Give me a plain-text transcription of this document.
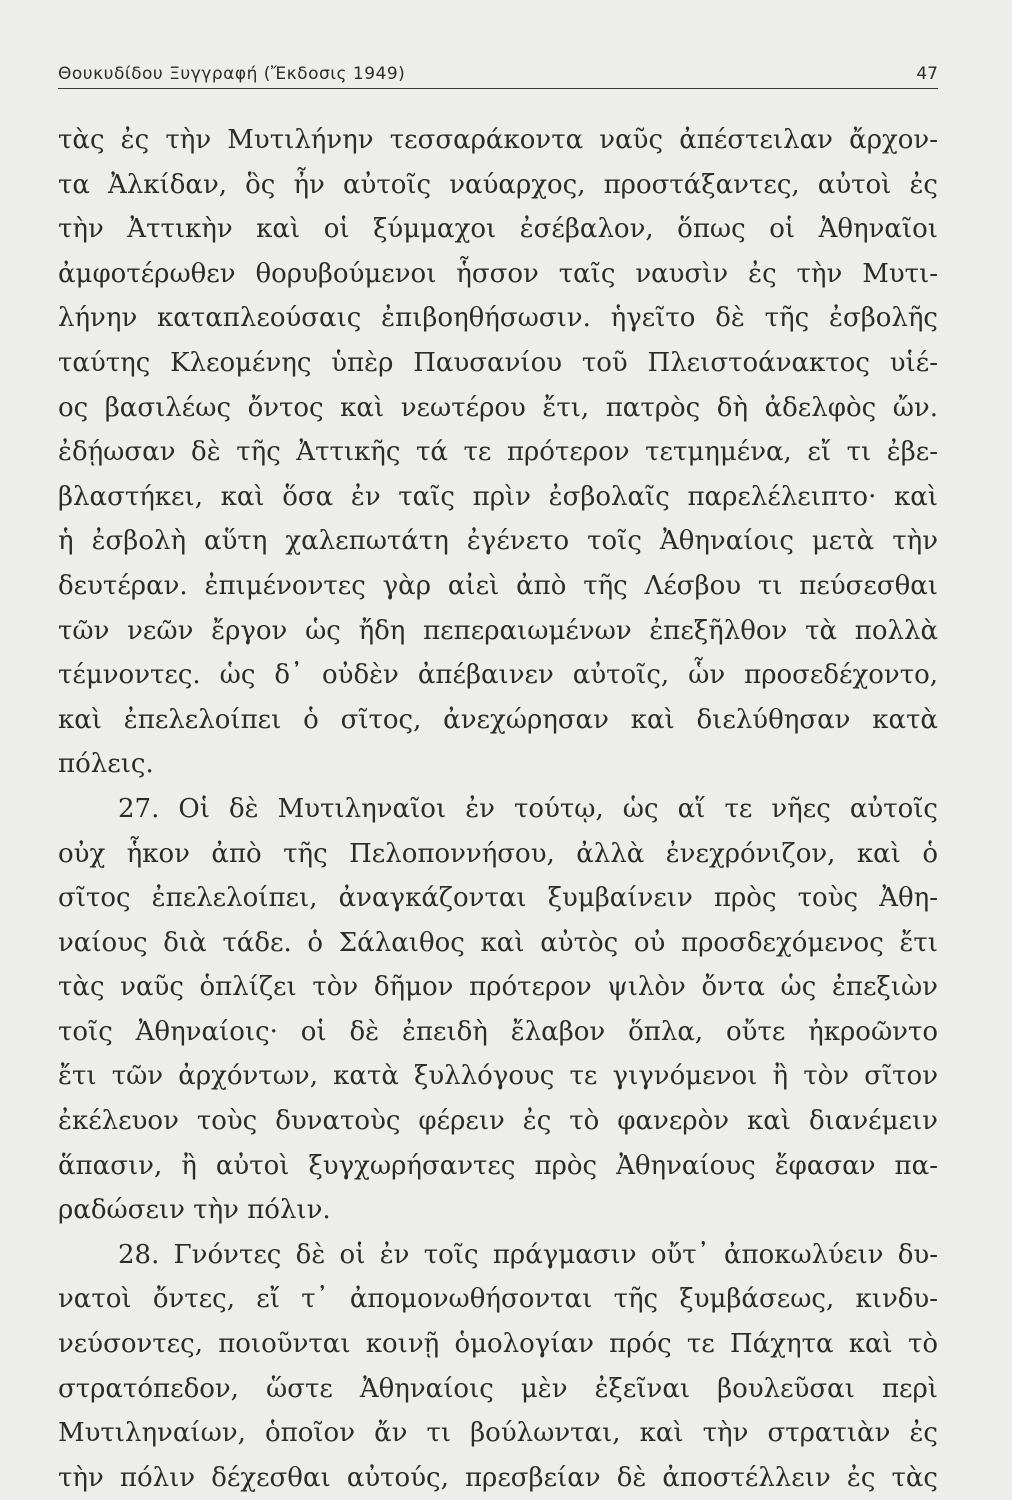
Θουκυδίδου Ξυγγραφή (Ἔκδοσις 1949)	47
τὰς ἐς τὴν Μυτιλήνην τεσσαράκοντα ναῦς ἀπέστειλαν ἄρχον-
τα Ἀλκίδαν, ὃς ἦν αὐτοῖς ναύαρχος, προστάξαντες, αὐτοὶ ἐς
τὴν Ἀττικὴν καὶ οἱ ξύμμαχοι ἐσέβαλον, ὅπως οἱ Ἀθηναῖοι
ἀμφοτέρωθεν θορυβούμενοι ἧσσον ταῖς ναυσὶν ἐς τὴν Μυτι-
λήνην καταπλεούσαις ἐπιβοηθήσωσιν. ἡγεῖτο δὲ τῆς ἐσβολῆς
ταύτης Κλεομένης ὑπὲρ Παυσανίου τοῦ Πλειστοάνακτος υἱέ-
ος βασιλέως ὄντος καὶ νεωτέρου ἔτι, πατρὸς δὴ ἀδελφὸς ὤν.
ἐδῄωσαν δὲ τῆς Ἀττικῆς τά τε πρότερον τετμημένα, εἴ τι ἐβε-
βλαστήκει, καὶ ὅσα ἐν ταῖς πρὶν ἐσβολαῖς παρελέλειπτο· καὶ
ἡ ἐσβολὴ αὕτη χαλεπωτάτη ἐγένετο τοῖς Ἀθηναίοις μετὰ τὴν
δευτέραν. ἐπιμένοντες γὰρ αἰεὶ ἀπὸ τῆς Λέσβου τι πεύσεσθαι
τῶν νεῶν ἔργον ὡς ἤδη πεπεραιωμένων ἐπεξῆλθον τὰ πολλὰ
τέμνοντες. ὡς δ᾿ οὐδὲν ἀπέβαινεν αὐτοῖς, ὧν προσεδέχοντο,
καὶ ἐπελελοίπει ὁ σῖτος, ἀνεχώρησαν καὶ διελύθησαν κατὰ
πόλεις.
27. Οἱ δὲ Μυτιληναῖοι ἐν τούτῳ, ὡς αἵ τε νῆες αὐτοῖς
οὐχ ἧκον ἀπὸ τῆς Πελοποννήσου, ἀλλὰ ἐνεχρόνιζον, καὶ ὁ
σῖτος ἐπελελοίπει, ἀναγκάζονται ξυμβαίνειν πρὸς τοὺς Ἀθη-
ναίους διὰ τάδε. ὁ Σάλαιθος καὶ αὐτὸς οὐ προσδεχόμενος ἔτι
τὰς ναῦς ὁπλίζει τὸν δῆμον πρότερον ψιλὸν ὄντα ὡς ἐπεξιὼν
τοῖς Ἀθηναίοις· οἱ δὲ ἐπειδὴ ἔλαβον ὅπλα, οὔτε ἠκροῶντο
ἔτι τῶν ἀρχόντων, κατὰ ξυλλόγους τε γιγνόμενοι ἢ τὸν σῖτον
ἐκέλευον τοὺς δυνατοὺς φέρειν ἐς τὸ φανερὸν καὶ διανέμειν
ἅπασιν, ἢ αὐτοὶ ξυγχωρήσαντες πρὸς Ἀθηναίους ἔφασαν πα-
ραδώσειν τὴν πόλιν.
28. Γνόντες δὲ οἱ ἐν τοῖς πράγμασιν οὔτ᾿ ἀποκωλύειν δυ-
νατοὶ ὄντες, εἴ τ᾿ ἀπομονωθήσονται τῆς ξυμβάσεως, κινδυ-
νεύσοντες, ποιοῦνται κοινῇ ὁμολογίαν πρός τε Πάχητα καὶ τὸ
στρατόπεδον, ὥστε Ἀθηναίοις μὲν ἐξεῖναι βουλεῦσαι περὶ
Μυτιληναίων, ὁποῖον ἄν τι βούλωνται, καὶ τὴν στρατιὰν ἐς
τὴν πόλιν δέχεσθαι αὐτούς, πρεσβείαν δὲ ἀποστέλλειν ἐς τὰς
